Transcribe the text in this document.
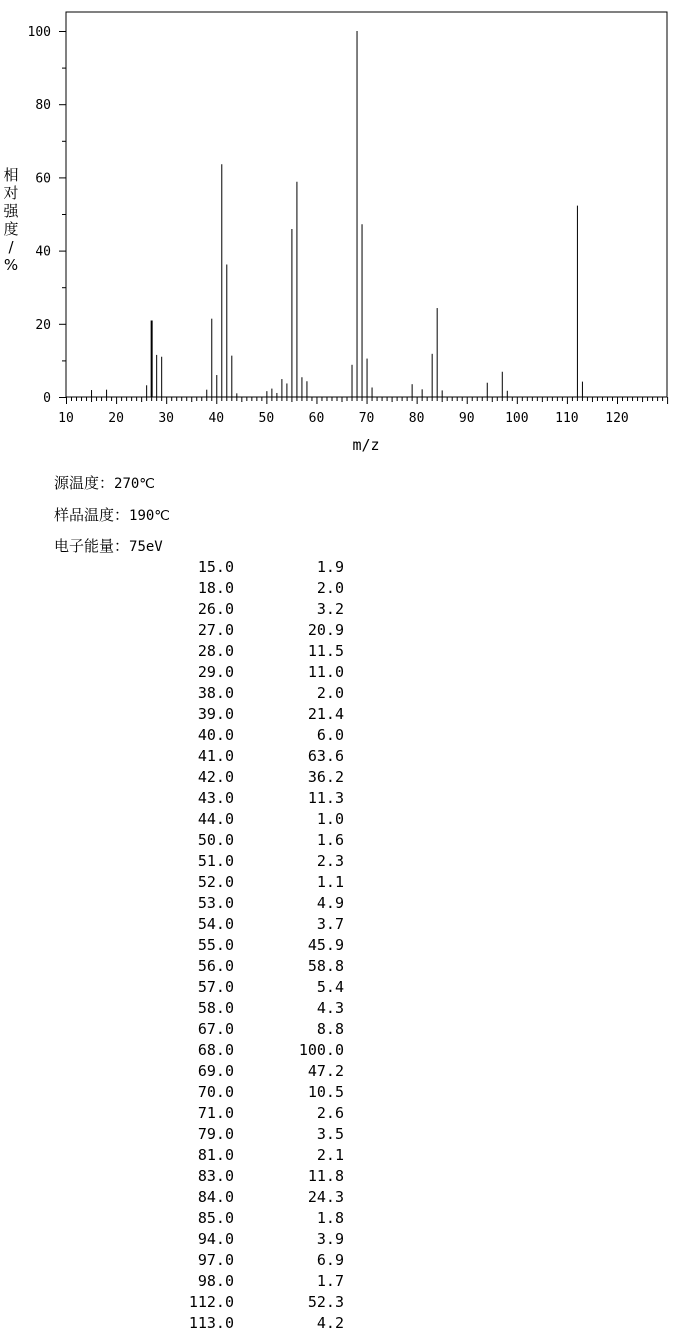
10	20	30	40	50	60	70	80	90 100 110 120
0
20
40
60
80
100
m/z
相
对
强
度
/
%
源温度：270℃
样品温度：190℃
电子能量：75eV
15.0	1.9
18.0	2.0
26.0	3.2
27.0	20.9
28.0	11.5
29.0	11.0
38.0	2.0
39.0	21.4
40.0	6.0
41.0	63.6
42.0	36.2
43.0	11.3
44.0	1.0
50.0	1.6
51.0	2.3
52.0	1.1
53.0	4.9
54.0	3.7
55.0	45.9
56.0	58.8
57.0	5.4
58.0	4.3
67.0	8.8
68.0	100.0
69.0	47.2
70.0	10.5
71.0	2.6
79.0	3.5
81.0	2.1
83.0	11.8
84.0	24.3
85.0	1.8
94.0	3.9
97.0	6.9
98.0	1.7
112.0	52.3
113.0	4.2
